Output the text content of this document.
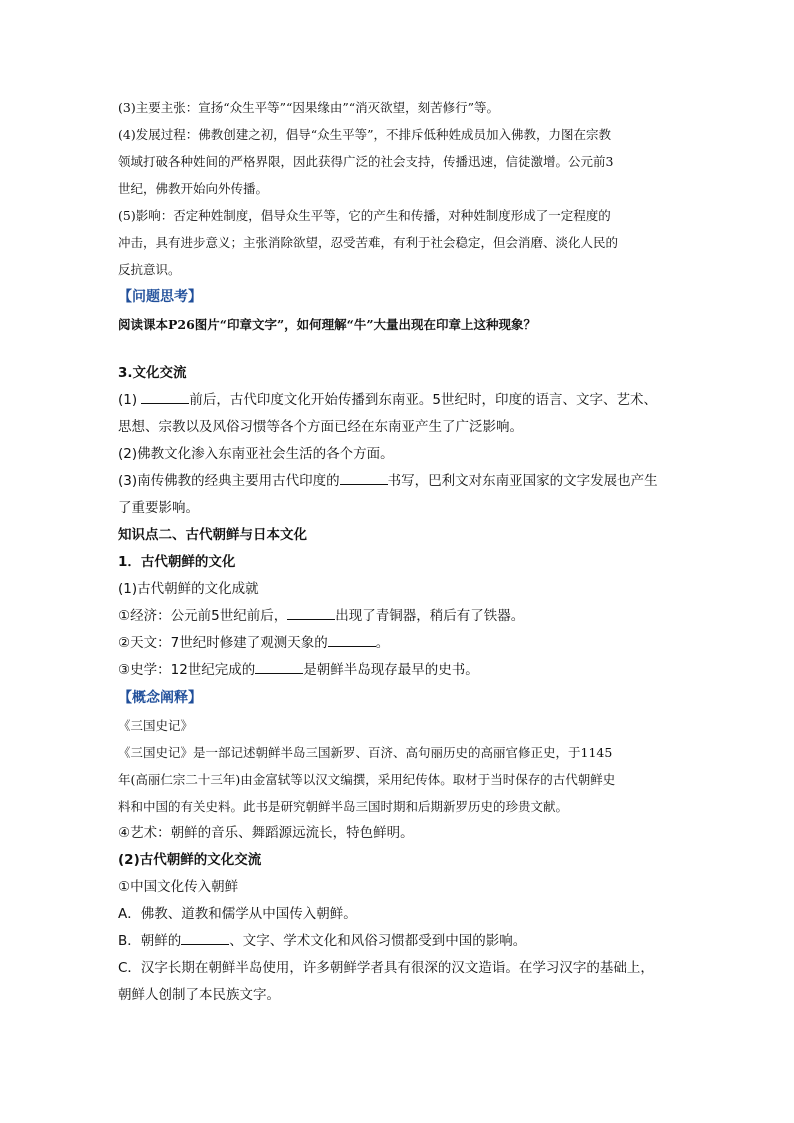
(3)主要主张：宣扬“众生平等”“因果缘由”“消灭欲望，刻苦修行”等。

(4)发展过程：佛教创建之初，倡导“众生平等”，不排斥低种姓成员加入佛教，力图在宗教

领域打破各种姓间的严格界限，因此获得广泛的社会支持，传播迅速，信徒激增。公元前3

世纪，佛教开始向外传播。

(5)影响：否定种姓制度，倡导众生平等，它的产生和传播，对种姓制度形成了一定程度的

冲击，具有进步意义；主张消除欲望，忍受苦难，有利于社会稳定，但会消磨、淡化人民的

反抗意识。

【问题思考】

阅读课本P26图片“印章文字”，如何理解“牛”大量出现在印章上这种现象？

3.文化交流

(1)	前后，古代印度文化开始传播到东南亚。5世纪时，印度的语言、文字、艺术、

思想、宗教以及风俗习惯等各个方面已经在东南亚产生了广泛影响。

(2)佛教文化渗入东南亚社会生活的各个方面。

(3)南传佛教的经典主要用古代印度的	书写，巴利文对东南亚国家的文字发展也产生

了重要影响。

知识点二、古代朝鲜与日本文化

1．古代朝鲜的文化

(1)古代朝鲜的文化成就

①经济：公元前5世纪前后，	出现了青铜器，稍后有了铁器。

②天文：7世纪时修建了观测天象的	。

③史学：12世纪完成的	是朝鲜半岛现存最早的史书。

【概念阐释】

《三国史记》

《三国史记》是一部记述朝鲜半岛三国新罗、百济、高句丽历史的高丽官修正史，于1145

年(高丽仁宗二十三年)由金富轼等以汉文编撰，采用纪传体。取材于当时保存的古代朝鲜史

料和中国的有关史料。此书是研究朝鲜半岛三国时期和后期新罗历史的珍贵文献。

④艺术：朝鲜的音乐、舞蹈源远流长，特色鲜明。

(2)古代朝鲜的文化交流

①中国文化传入朝鲜

A．佛教、道教和儒学从中国传入朝鲜。

B．朝鲜的	、文字、学术文化和风俗习惯都受到中国的影响。

C．汉字长期在朝鲜半岛使用，许多朝鲜学者具有很深的汉文造诣。在学习汉字的基础上，

朝鲜人创制了本民族文字。
